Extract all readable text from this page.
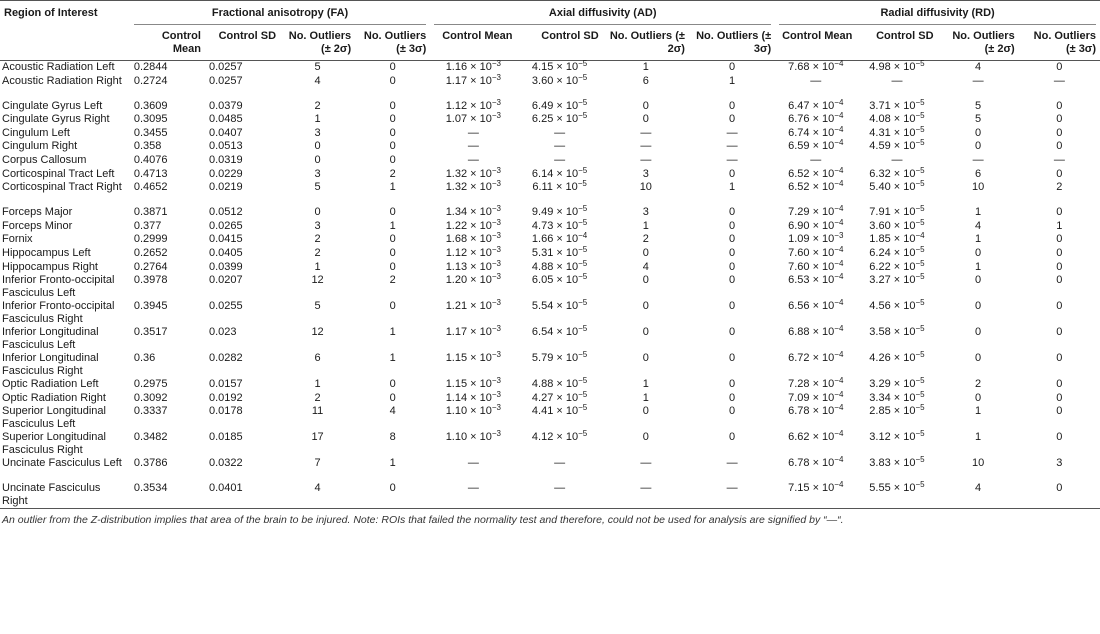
Region of Interest	Fractional anisotropy (FA)				Axial diffusivity (AD)				Radial diffusivity (RD)			

	Control Mean	Control SD	No. Outliers (± 2σ)	No. Outliers (± 3σ)	Control Mean	Control SD	No. Outliers (± 2σ)	No. Outliers (± 3σ)	Control Mean	Control SD	No. Outliers (± 2σ)	No. Outliers (± 3σ)
Acoustic Radiation Left	0.2844	0.0257	5	0	$1.16 \times 10^{-3}$	$4.15 \times 10^{-5}$	1	0	$7.68 \times 10^{-4}$	$4.98 \times 10^{-5}$	4	0
Acoustic Radiation Right	0.2724	0.0257	4	0	$1.17 \times 10^{-3}$	$3.60 \times 10^{-5}$	6	1	—	—	—	—
Cingulate Gyrus Left	0.3609	0.0379	2	0	$1.12 \times 10^{-3}$	$6.49 \times 10^{-5}$	0	0	$6.47 \times 10^{-4}$	$3.71 \times 10^{-5}$	5	0
Cingulate Gyrus Right	0.3095	0.0485	1	0	$1.07 \times 10^{-3}$	$6.25 \times 10^{-5}$	0	0	$6.76 \times 10^{-4}$	$4.08 \times 10^{-5}$	5	0
Cingulum Left	0.3455	0.0407	3	0	—	—	—	—	$6.74 \times 10^{-4}$	$4.31 \times 10^{-5}$	0	0
Cingulum Right	0.358	0.0513	0	0	—	—	—	—	$6.59 \times 10^{-4}$	$4.59 \times 10^{-5}$	0	0
Corpus Callosum	0.4076	0.0319	0	0	—	—	—	—	—	—	—	—
Corticospinal Tract Left	0.4713	0.0229	3	2	$1.32 \times 10^{-3}$	$6.14 \times 10^{-5}$	3	0	$6.52 \times 10^{-4}$	$6.32 \times 10^{-5}$	6	0
Corticospinal Tract Right	0.4652	0.0219	5	1	$1.32 \times 10^{-3}$	$6.11 \times 10^{-5}$	10	1	$6.52 \times 10^{-4}$	$5.40 \times 10^{-5}$	10	2
Forceps Major	0.3871	0.0512	0	0	$1.34 \times 10^{-3}$	$9.49 \times 10^{-5}$	3	0	$7.29 \times 10^{-4}$	$7.91 \times 10^{-5}$	1	0
Forceps Minor	0.377	0.0265	3	1	$1.22 \times 10^{-3}$	$4.73 \times 10^{-5}$	1	0	$6.90 \times 10^{-4}$	$3.60 \times 10^{-5}$	4	1
Fornix	0.2999	0.0415	2	0	$1.68 \times 10^{-3}$	$1.66 \times 10^{-4}$	2	0	$1.09 \times 10^{-3}$	$1.85 \times 10^{-4}$	1	0
Hippocampus Left	0.2652	0.0405	2	0	$1.12 \times 10^{-3}$	$5.31 \times 10^{-5}$	0	0	$7.60 \times 10^{-4}$	$6.24 \times 10^{-5}$	0	0
Hippocampus Right	0.2764	0.0399	1	0	$1.13 \times 10^{-3}$	$4.88 \times 10^{-5}$	4	0	$7.60 \times 10^{-4}$	$6.22 \times 10^{-5}$	1	0
Inferior Fronto-occipital Fasciculus Left	0.3978	0.0207	12	2	$1.20 \times 10^{-3}$	$6.05 \times 10^{-5}$	0	0	$6.53 \times 10^{-4}$	$3.27 \times 10^{-5}$	0	0
Inferior Fronto-occipital Fasciculus Right	0.3945	0.0255	5	0	$1.21 \times 10^{-3}$	$5.54 \times 10^{-5}$	0	0	$6.56 \times 10^{-4}$	$4.56 \times 10^{-5}$	0	0
Inferior Longitudinal Fasciculus Left	0.3517	0.023	12	1	$1.17 \times 10^{-3}$	$6.54 \times 10^{-5}$	0	0	$6.88 \times 10^{-4}$	$3.58 \times 10^{-5}$	0	0
Inferior Longitudinal Fasciculus Right	0.36	0.0282	6	1	$1.15 \times 10^{-3}$	$5.79 \times 10^{-5}$	0	0	$6.72 \times 10^{-4}$	$4.26 \times 10^{-5}$	0	0
Optic Radiation Left	0.2975	0.0157	1	0	$1.15 \times 10^{-3}$	$4.88 \times 10^{-5}$	1	0	$7.28 \times 10^{-4}$	$3.29 \times 10^{-5}$	2	0
Optic Radiation Right	0.3092	0.0192	2	0	$1.14 \times 10^{-3}$	$4.27 \times 10^{-5}$	1	0	$7.09 \times 10^{-4}$	$3.34 \times 10^{-5}$	0	0
Superior Longitudinal Fasciculus Left	0.3337	0.0178	11	4	$1.10 \times 10^{-3}$	$4.41 \times 10^{-5}$	0	0	$6.78 \times 10^{-4}$	$2.85 \times 10^{-5}$	1	0
Superior Longitudinal Fasciculus Right	0.3482	0.0185	17	8	$1.10 \times 10^{-3}$	$4.12 \times 10^{-5}$	0	0	$6.62 \times 10^{-4}$	$3.12 \times 10^{-5}$	1	0
Uncinate Fasciculus Left	0.3786	0.0322	7	1	—	—	—	—	$6.78 \times 10^{-4}$	$3.83 \times 10^{-5}$	10	3
Uncinate Fasciculus Right	0.3534	0.0401	4	0	—	—	—	—	$7.15 \times 10^{-4}$	$5.55 \times 10^{-5}$	4	0
An outlier from the Z-distribution implies that area of the brain to be injured. Note: ROIs that failed the normality test and therefore, could not be used for analysis are signified by “—“.
